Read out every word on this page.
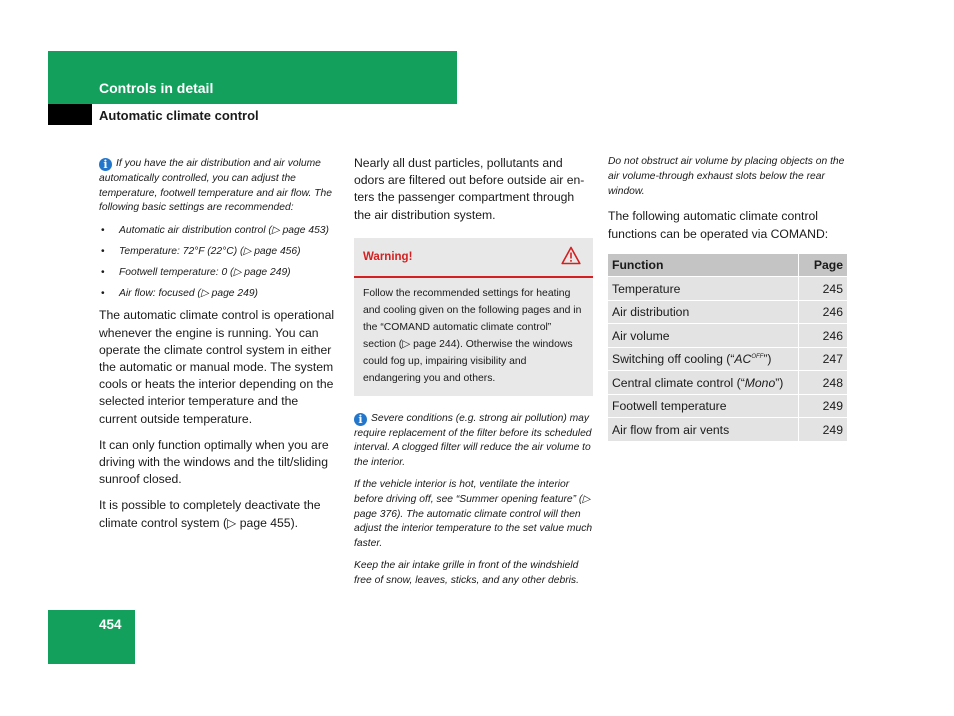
Controls in detail
Automatic climate control

i If you have the air distribution and air volume automatically controlled, you can adjust the temperature, footwell temperature and air flow. The following basic settings are recommended:

• Automatic air distribution control (▷ page 453)
• Temperature: 72°F (22°C) (▷ page 456)
• Footwell temperature: 0 (▷ page 249)
• Air flow: focused (▷ page 249)

The automatic climate control is operational whenever the engine is running. You can operate the climate control system in either the automatic or manual mode. The system cools or heats the interior depending on the selected interior temperature and the current outside temperature.

It can only function optimally when you are driving with the windows and the tilt/sliding sunroof closed.

It is possible to completely deactivate the climate control system (▷ page 455).

Nearly all dust particles, pollutants and odors are filtered out before outside air enters the passenger compartment through the air distribution system.

Warning!
Follow the recommended settings for heating and cooling given on the following pages and in the “COMAND automatic climate control” section (▷ page 244). Otherwise the windows could fog up, impairing visibility and endangering you and others.

i Severe conditions (e.g. strong air pollution) may require replacement of the filter before its scheduled interval. A clogged filter will reduce the air volume to the interior.

If the vehicle interior is hot, ventilate the interior before driving off, see “Summer opening feature” (▷ page 376). The automatic climate control will then adjust the interior temperature to the set value much faster.

Keep the air intake grille in front of the windshield free of snow, leaves, sticks, and any other debris.

Do not obstruct air volume by placing objects on the air volume-through exhaust slots below the rear window.

The following automatic climate control functions can be operated via COMAND:

Function	Page
Temperature	245
Air distribution	246
Air volume	246
Switching off cooling $(“AC^{OFF}”)$	247
Central climate control (“Mono”)	248
Footwell temperature	249
Air flow from air vents	249
454
